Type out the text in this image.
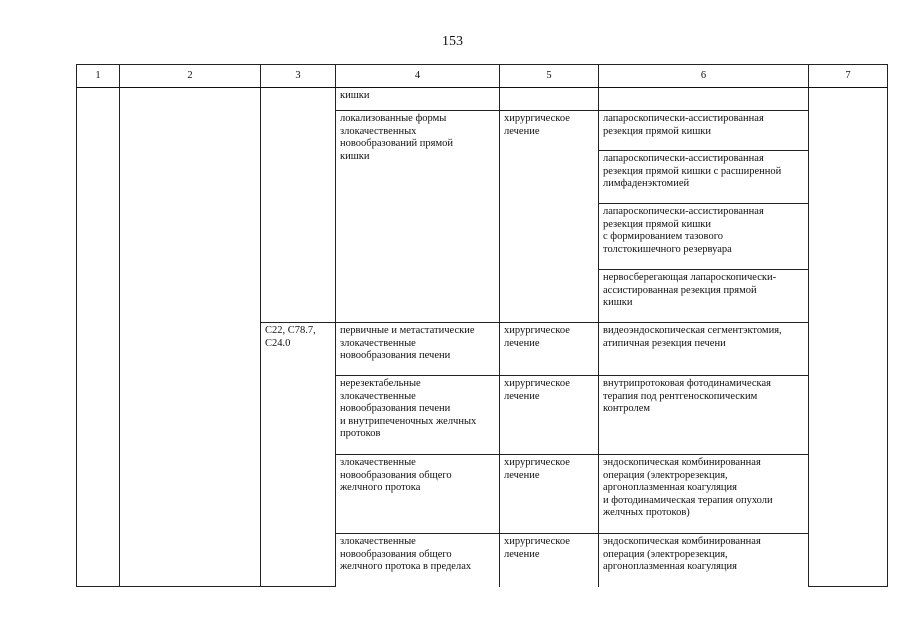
153
1	2	3	4	5	6	7

			кишки			

			локализованные формы
злокачественных
новообразований прямой
кишки	хирургическое
лечение	лапароскопически-ассистированная
резекция прямой кишки	

					лапароскопически-ассистированная
резекция прямой кишки с расширенной
лимфаденэктомией	

					лапароскопически-ассистированная
резекция прямой кишки
с формированием тазового
толстокишечного резервуара	

					нервосберегающая лапароскопически-
ассистированная резекция прямой
кишки	

		C22, C78.7,
C24.0	первичные и метастатические
злокачественные
новообразования печени	хирургическое
лечение	видеоэндоскопическая сегментэктомия,
атипичная резекция печени	

			нерезектабельные
злокачественные
новообразования печени
и внутрипеченочных желчных
протоков	хирургическое
лечение	внутрипротоковая фотодинамическая
терапия под рентгеноскопическим
контролем	

			злокачественные
новообразования общего
желчного протока	хирургическое
лечение	эндоскопическая комбинированная
операция (электрорезекция,
аргоноплазменная коагуляция
и фотодинамическая терапия опухоли
желчных протоков)	

			злокачественные
новообразования общего
желчного протока в пределах	хирургическое
лечение	эндоскопическая комбинированная
операция (электрорезекция,
аргоноплазменная коагуляция	
